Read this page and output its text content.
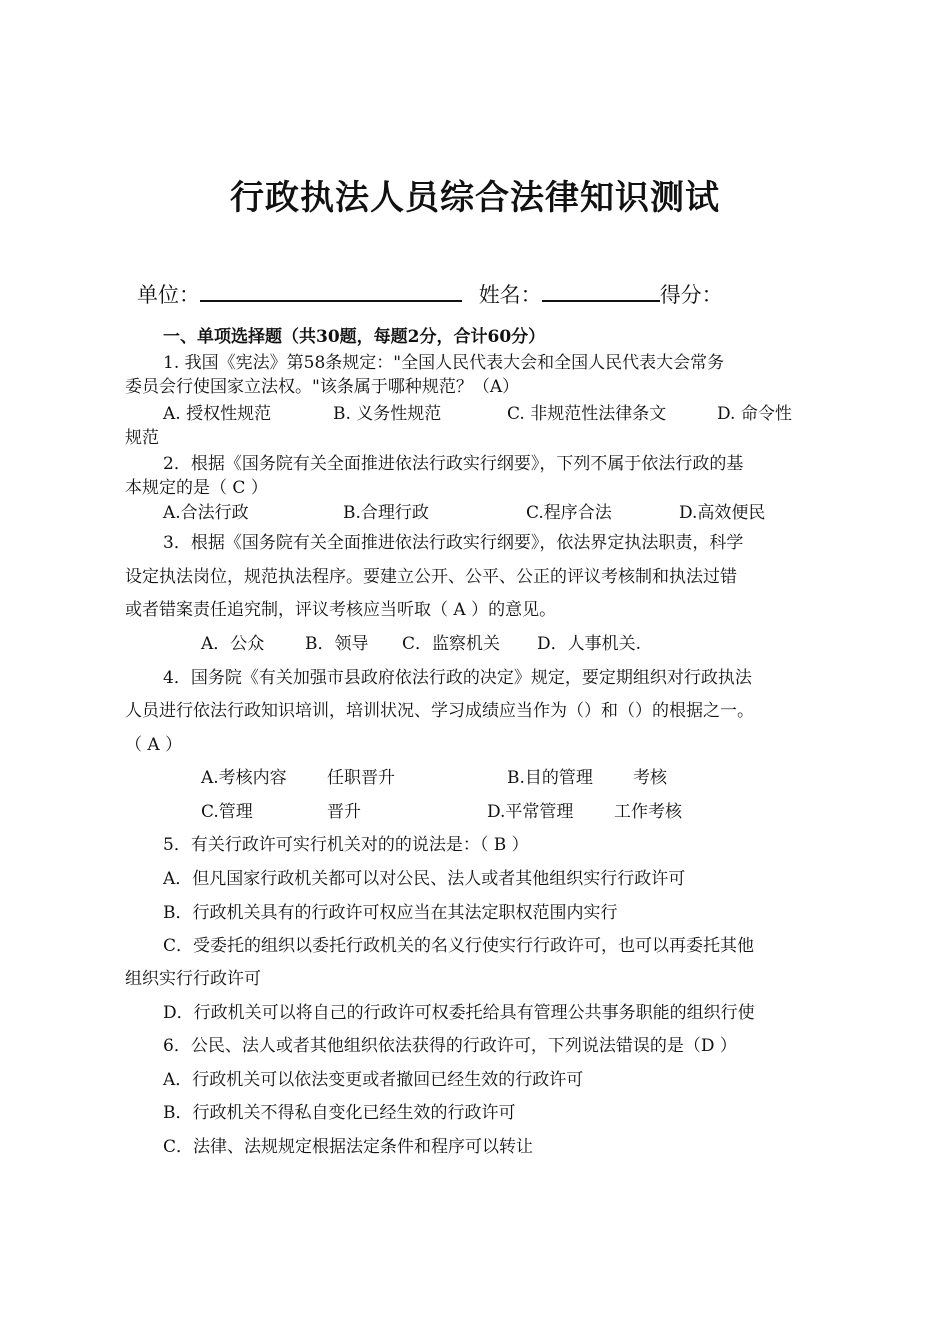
行政执法人员综合法律知识测试
单位：	姓名：	得分：
一、单项选择题（共30题，每题2分，合计60分）
1. 我国《宪法》第58条规定："全国人民代表大会和全国人民代表大会常务
委员会行使国家立法权。"该条属于哪种规范？（A）
A. 授权性规范	B. 义务性规范	C. 非规范性法律条文	D. 命令性
规范
2．根据《国务院有关全面推进依法行政实行纲要》，下列不属于依法行政的基
本规定的是（ C ）
A.合法行政	B.合理行政	C.程序合法	D.高效便民
3．根据《国务院有关全面推进依法行政实行纲要》，依法界定执法职责，科学
设定执法岗位，规范执法程序。要建立公开、公平、公正的评议考核制和执法过错
或者错案责任追究制，评议考核应当听取（ A ）的意见。
A．公众 B．领导 C．监察机关 D．人事机关.
4．国务院《有关加强市县政府依法行政的决定》规定，要定期组织对行政执法
人员进行依法行政知识培训，培训状况、学习成绩应当作为（）和（）的根据之一。
（ A ）
A.考核内容 任职晋升	B.目的管理 考核
C.管理	晋升	D.平常管理 工作考核
5．有关行政许可实行机关对的的说法是：（ B ）
A．但凡国家行政机关都可以对公民、法人或者其他组织实行行政许可
B．行政机关具有的行政许可权应当在其法定职权范围内实行
C．受委托的组织以委托行政机关的名义行使实行行政许可，也可以再委托其他
组织实行行政许可
D．行政机关可以将自己的行政许可权委托给具有管理公共事务职能的组织行使
6．公民、法人或者其他组织依法获得的行政许可，下列说法错误的是（D ）
A．行政机关可以依法变更或者撤回已经生效的行政许可
B．行政机关不得私自变化已经生效的行政许可
C．法律、法规规定根据法定条件和程序可以转让
